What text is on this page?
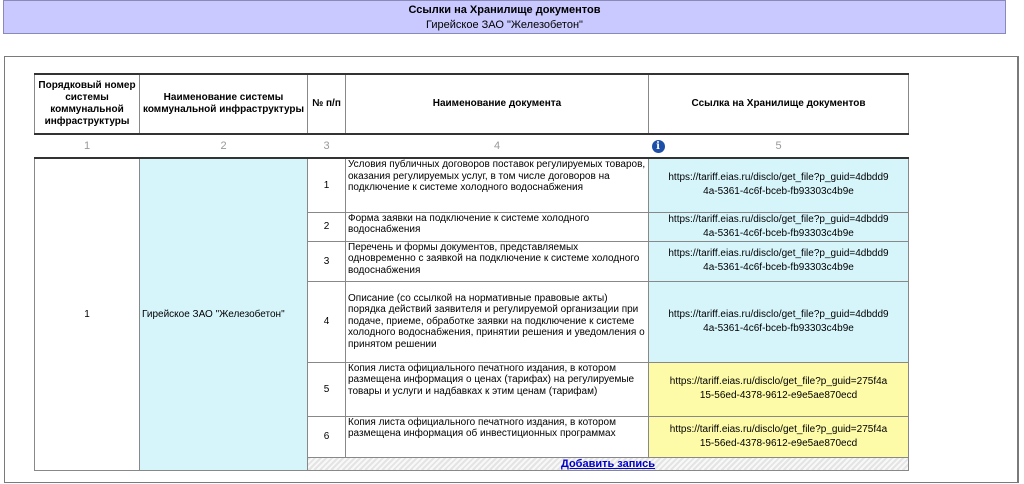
Ссылки на Хранилище документов
Гирейское ЗАО "Железобетон"
Порядковый номер системы коммунальной инфраструктуры	Наименование системы коммунальной инфраструктуры	№ п/п	Наименование документа	Ссылка на Хранилище документов
1	2	3	4	i 5
1	Гирейское ЗАО "Железобетон"	1	Условия публичных договоров поставок регулируемых товаров, оказания регулируемых услуг, в том числе договоров на подключение к системе холодного водоснабжения	https://tariff.eias.ru/disclo/get_file?p_guid=4dbdd9
4a-5361-4c6f-bceb-fb93303c4b9e
		2	Форма заявки на подключение к системе холодного водоснабжения	https://tariff.eias.ru/disclo/get_file?p_guid=4dbdd9
4a-5361-4c6f-bceb-fb93303c4b9e
		3	Перечень и формы документов, представляемых одновременно с заявкой на подключение к системе холодного водоснабжения	https://tariff.eias.ru/disclo/get_file?p_guid=4dbdd9
4a-5361-4c6f-bceb-fb93303c4b9e
		4	Описание (со ссылкой на нормативные правовые акты) порядка действий заявителя и регулируемой организации при подаче, приеме, обработке заявки на подключение к системе холодного водоснабжения, принятии решения и уведомления о принятом решении	https://tariff.eias.ru/disclo/get_file?p_guid=4dbdd9
4a-5361-4c6f-bceb-fb93303c4b9e
		5	Копия листа официального печатного издания, в котором размещена информация о ценах (тарифах) на регулируемые товары и услуги и надбавках к этим ценам (тарифам)	https://tariff.eias.ru/disclo/get_file?p_guid=275f4a
15-56ed-4378-9612-e9e5ae870ecd
		6	Копия листа официального печатного издания, в котором размещена информация об инвестиционных программах	https://tariff.eias.ru/disclo/get_file?p_guid=275f4a
15-56ed-4378-9612-e9e5ae870ecd
		Добавить запись		
